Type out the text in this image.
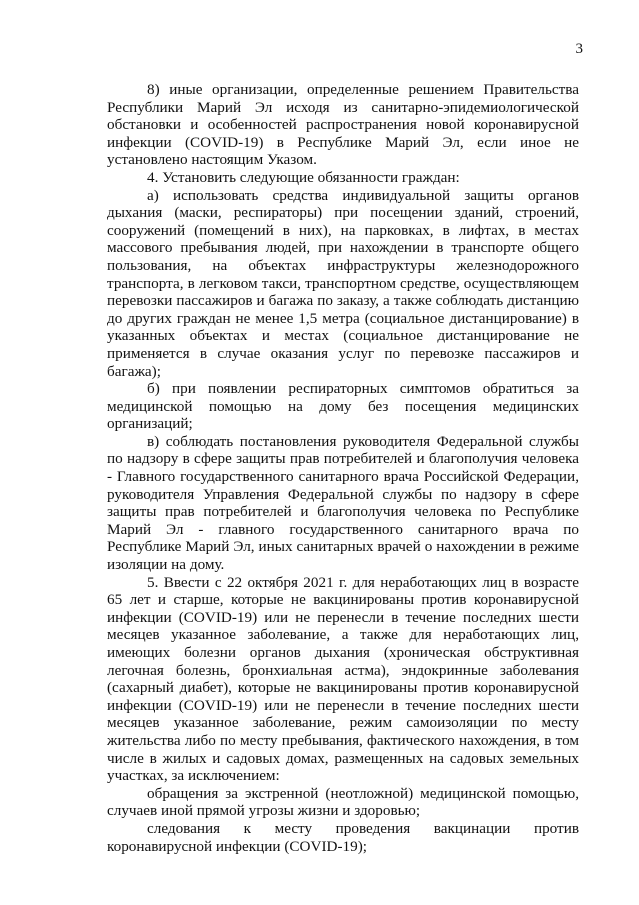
3

8) иные организации, определенные решением Правительства Республики Марий Эл исходя из санитарно-эпидемиологической обстановки и особенностей распространения новой коронавирусной инфекции (COVID-19) в Республике Марий Эл, если иное не установлено настоящим Указом.

4. Установить следующие обязанности граждан:

а) использовать средства индивидуальной защиты органов дыхания (маски, респираторы) при посещении зданий, строений, сооружений (помещений в них), на парковках, в лифтах, в местах массового пребывания людей, при нахождении в транспорте общего пользования, на объектах инфраструктуры железнодорожного транспорта, в легковом такси, транспортном средстве, осуществляющем перевозки пассажиров и багажа по заказу, а также соблюдать дистанцию до других граждан не менее 1,5 метра (социальное дистанцирование) в указанных объектах и местах (социальное дистанцирование не применяется в случае оказания услуг по перевозке пассажиров и багажа);

б) при появлении респираторных симптомов обратиться за медицинской помощью на дому без посещения медицинских организаций;

в) соблюдать постановления руководителя Федеральной службы по надзору в сфере защиты прав потребителей и благополучия человека - Главного государственного санитарного врача Российской Федерации, руководителя Управления Федеральной службы по надзору в сфере защиты прав потребителей и благополучия человека по Республике Марий Эл - главного государственного санитарного врача по Республике Марий Эл, иных санитарных врачей о нахождении в режиме изоляции на дому.

5. Ввести с 22 октября 2021 г. для неработающих лиц в возрасте 65 лет и старше, которые не вакцинированы против коронавирусной инфекции (COVID-19) или не перенесли в течение последних шести месяцев указанное заболевание, а также для неработающих лиц, имеющих болезни органов дыхания (хроническая обструктивная легочная болезнь, бронхиальная астма), эндокринные заболевания (сахарный диабет), которые не вакцинированы против коронавирусной инфекции (COVID-19) или не перенесли в течение последних шести месяцев указанное заболевание, режим самоизоляции по месту жительства либо по месту пребывания, фактического нахождения, в том числе в жилых и садовых домах, размещенных на садовых земельных участках, за исключением:

обращения за экстренной (неотложной) медицинской помощью, случаев иной прямой угрозы жизни и здоровью;

следования к месту проведения вакцинации против коронавирусной инфекции (COVID-19);
